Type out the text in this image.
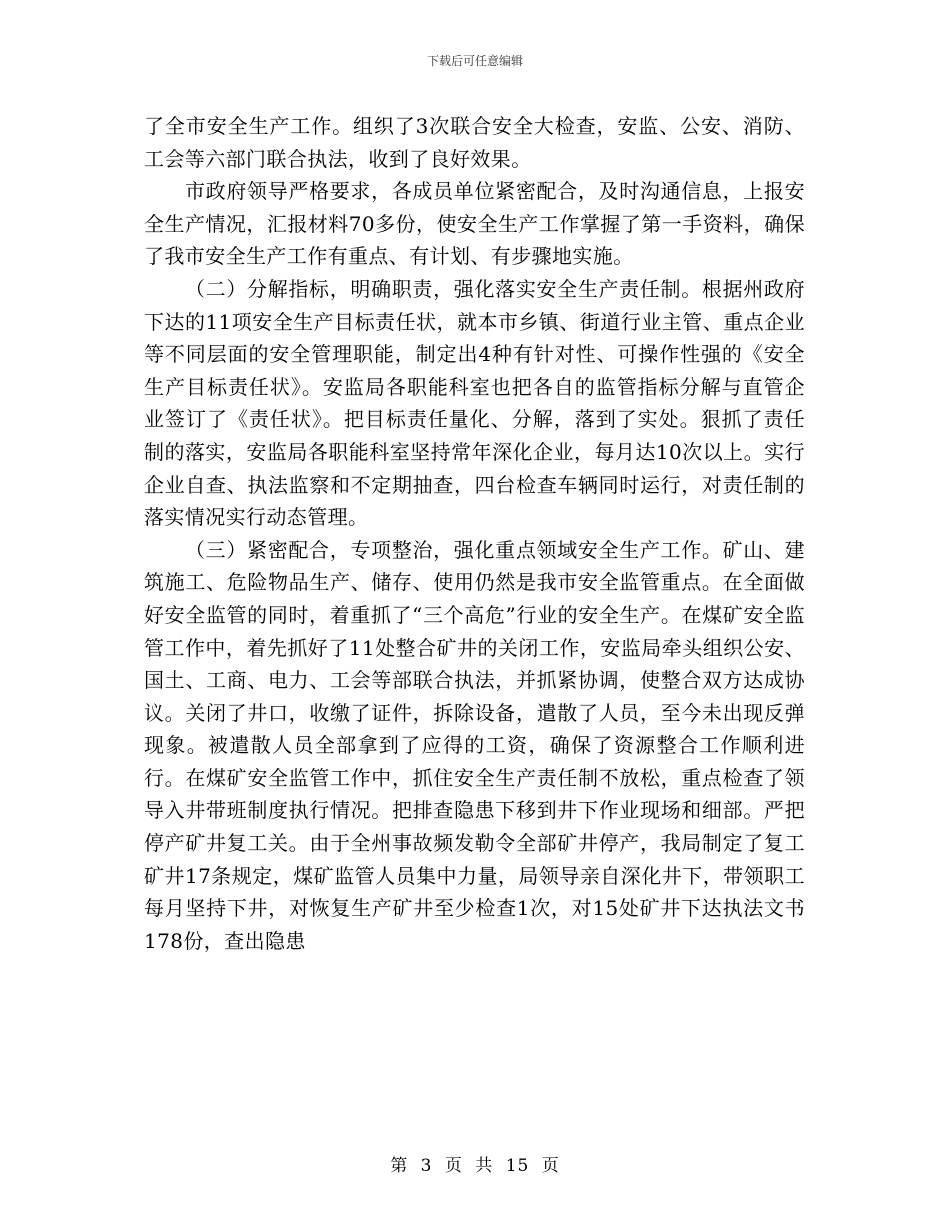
下载后可任意编辑

了全市安全生产工作。组织了3次联合安全大检查，安监、公安、消防、工会等六部门联合执法，收到了良好效果。

市政府领导严格要求，各成员单位紧密配合，及时沟通信息，上报安全生产情况，汇报材料70多份，使安全生产工作掌握了第一手资料，确保了我市安全生产工作有重点、有计划、有步骤地实施。

（二）分解指标，明确职责，强化落实安全生产责任制。根据州政府下达的11项安全生产目标责任状，就本市乡镇、街道行业主管、重点企业等不同层面的安全管理职能，制定出4种有针对性、可操作性强的《安全生产目标责任状》。安监局各职能科室也把各自的监管指标分解与直管企业签订了《责任状》。把目标责任量化、分解，落到了实处。狠抓了责任制的落实，安监局各职能科室坚持常年深化企业，每月达10次以上。实行企业自查、执法监察和不定期抽查，四台检查车辆同时运行，对责任制的落实情况实行动态管理。

（三）紧密配合，专项整治，强化重点领域安全生产工作。矿山、建筑施工、危险物品生产、储存、使用仍然是我市安全监管重点。在全面做好安全监管的同时，着重抓了“三个高危”行业的安全生产。在煤矿安全监管工作中，着先抓好了11处整合矿井的关闭工作，安监局牵头组织公安、国土、工商、电力、工会等部联合执法，并抓紧协调，使整合双方达成协议。关闭了井口，收缴了证件，拆除设备，遣散了人员，至今未出现反弹现象。被遣散人员全部拿到了应得的工资，确保了资源整合工作顺利进行。在煤矿安全监管工作中，抓住安全生产责任制不放松，重点检查了领导入井带班制度执行情况。把排查隐患下移到井下作业现场和细部。严把停产矿井复工关。由于全州事故频发勒令全部矿井停产，我局制定了复工矿井17条规定，煤矿监管人员集中力量，局领导亲自深化井下，带领职工每月坚持下井，对恢复生产矿井至少检查1次，对15处矿井下达执法文书178份，查出隐患

第 3 页 共 15 页
